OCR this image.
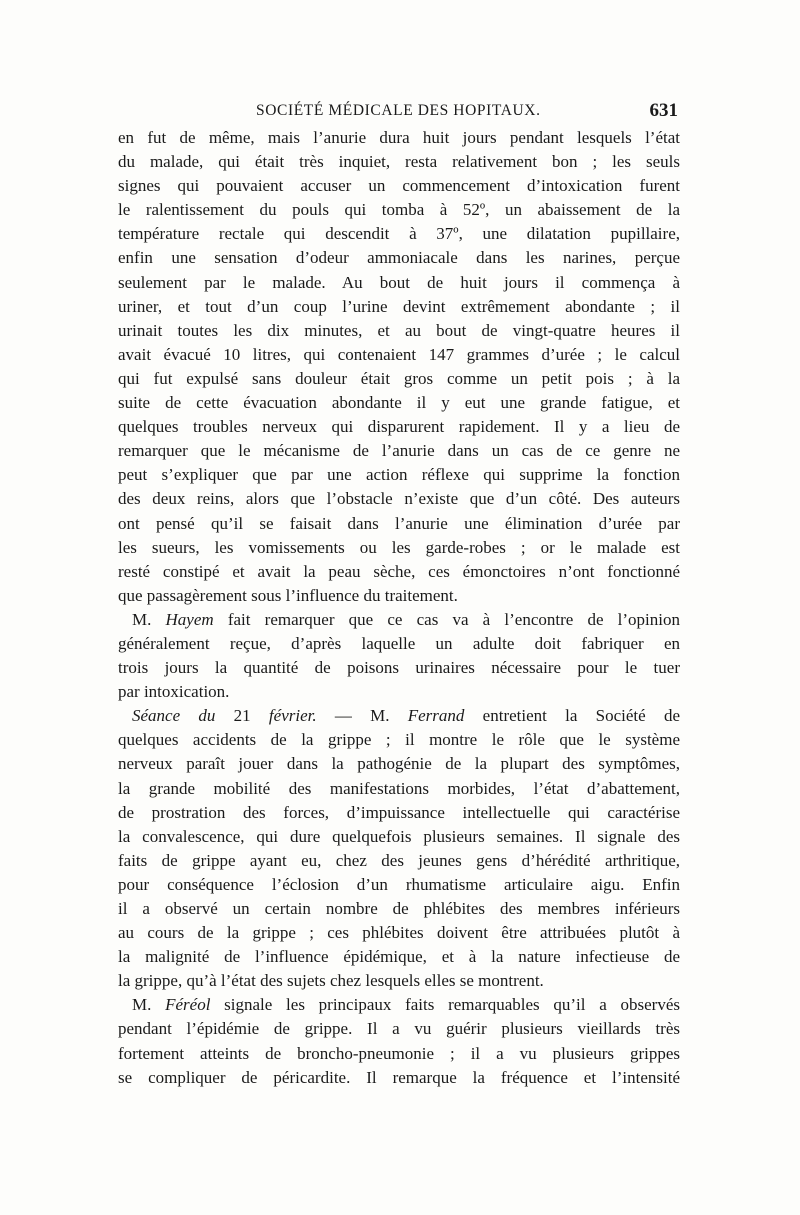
SOCIÉTÉ MÉDICALE DES HOPITAUX.	631
en fut de même, mais l’anurie dura huit jours pendant lesquels l’état
du malade, qui était très inquiet, resta relativement bon ; les seuls
signes qui pouvaient accuser un commencement d’intoxication furent
le ralentissement du pouls qui tomba à 52º, un abaissement de la
température rectale qui descendit à 37º, une dilatation pupillaire,
enfin une sensation d’odeur ammoniacale dans les narines, perçue
seulement par le malade. Au bout de huit jours il commença à
uriner, et tout d’un coup l’urine devint extrêmement abondante ; il
urinait toutes les dix minutes, et au bout de vingt-quatre heures il
avait évacué 10 litres, qui contenaient 147 grammes d’urée ; le calcul
qui fut expulsé sans douleur était gros comme un petit pois ; à la
suite de cette évacuation abondante il y eut une grande fatigue, et
quelques troubles nerveux qui disparurent rapidement. Il y a lieu de
remarquer que le mécanisme de l’anurie dans un cas de ce genre ne
peut s’expliquer que par une action réflexe qui supprime la fonction
des deux reins, alors que l’obstacle n’existe que d’un côté. Des auteurs
ont pensé qu’il se faisait dans l’anurie une élimination d’urée par
les sueurs, les vomissements ou les garde-robes ; or le malade est
resté constipé et avait la peau sèche, ces émonctoires n’ont fonctionné
que passagèrement sous l’influence du traitement.
M. Hayem fait remarquer que ce cas va à l’encontre de l’opinion
généralement reçue, d’après laquelle un adulte doit fabriquer en
trois jours la quantité de poisons urinaires nécessaire pour le tuer
par intoxication.
Séance du 21 février. — M. Ferrand entretient la Société de
quelques accidents de la grippe ; il montre le rôle que le système
nerveux paraît jouer dans la pathogénie de la plupart des symptômes,
la grande mobilité des manifestations morbides, l’état d’abattement,
de prostration des forces, d’impuissance intellectuelle qui caractérise
la convalescence, qui dure quelquefois plusieurs semaines. Il signale des
faits de grippe ayant eu, chez des jeunes gens d’hérédité arthritique,
pour conséquence l’éclosion d’un rhumatisme articulaire aigu. Enfin
il a observé un certain nombre de phlébites des membres inférieurs
au cours de la grippe ; ces phlébites doivent être attribuées plutôt à
la malignité de l’influence épidémique, et à la nature infectieuse de
la grippe, qu’à l’état des sujets chez lesquels elles se montrent.
M. Féréol signale les principaux faits remarquables qu’il a observés
pendant l’épidémie de grippe. Il a vu guérir plusieurs vieillards très
fortement atteints de broncho-pneumonie ; il a vu plusieurs grippes
se compliquer de péricardite. Il remarque la fréquence et l’intensité
